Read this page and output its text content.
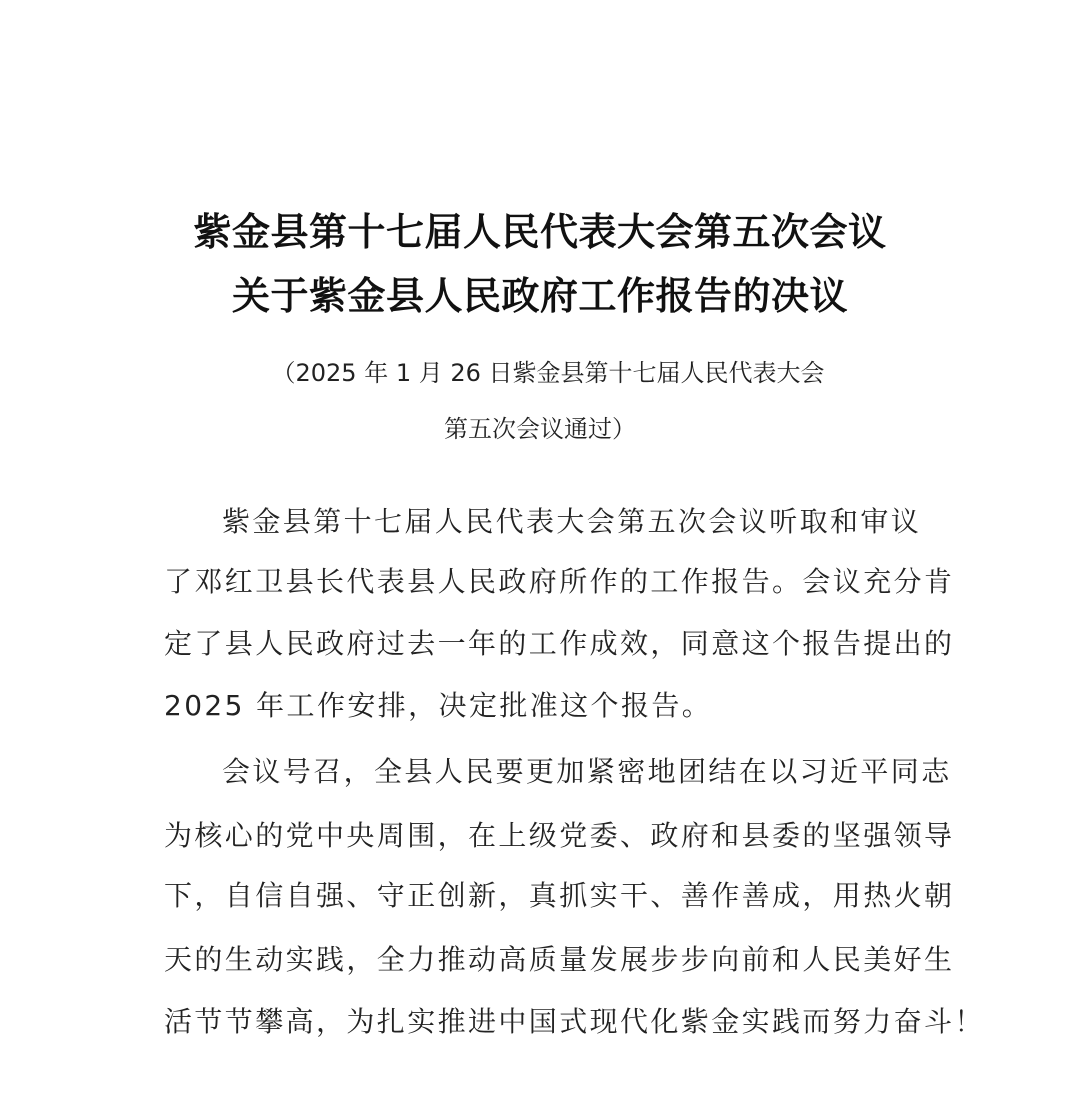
紫金县第十七届人民代表大会第五次会议
关于紫金县人民政府工作报告的决议
（2025 年 1 月 26 日紫金县第十七届人民代表大会
第五次会议通过）
紫金县第十七届人民代表大会第五次会议听取和审议
了邓红卫县长代表县人民政府所作的工作报告。会议充分肯
定了县人民政府过去一年的工作成效，同意这个报告提出的
2025 年工作安排，决定批准这个报告。
会议号召，全县人民要更加紧密地团结在以习近平同志
为核心的党中央周围，在上级党委、政府和县委的坚强领导
下，自信自强、守正创新，真抓实干、善作善成，用热火朝
天的生动实践，全力推动高质量发展步步向前和人民美好生
活节节攀高，为扎实推进中国式现代化紫金实践而努力奋斗！
